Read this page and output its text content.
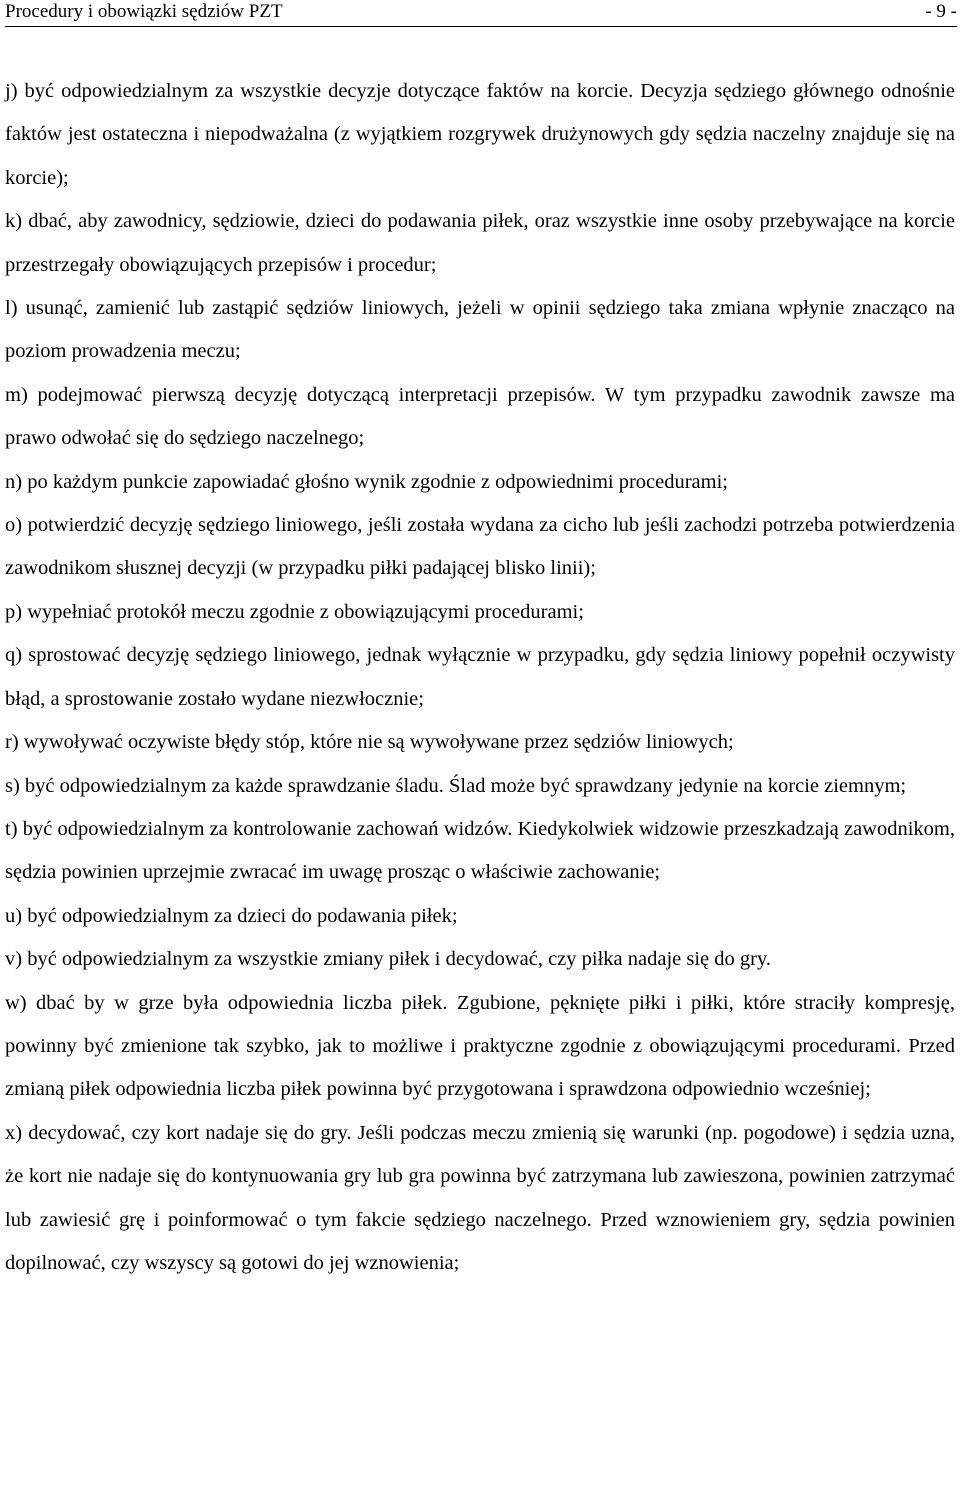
Procedury i obowiązki sędziów PZT	- 9 -

j) być odpowiedzialnym za wszystkie decyzje dotyczące faktów na korcie. Decyzja sędziego głównego odnośnie faktów jest ostateczna i niepodważalna (z wyjątkiem rozgrywek drużynowych gdy sędzia naczelny znajduje się na korcie);

k) dbać, aby zawodnicy, sędziowie, dzieci do podawania piłek, oraz wszystkie inne osoby przebywające na korcie przestrzegały obowiązujących przepisów i procedur;

l) usunąć, zamienić lub zastąpić sędziów liniowych, jeżeli w opinii sędziego taka zmiana wpłynie znacząco na poziom prowadzenia meczu;

m) podejmować pierwszą decyzję dotyczącą interpretacji przepisów. W tym przypadku zawodnik zawsze ma prawo odwołać się do sędziego naczelnego;

n) po każdym punkcie zapowiadać głośno wynik zgodnie z odpowiednimi procedurami;

o) potwierdzić decyzję sędziego liniowego, jeśli została wydana za cicho lub jeśli zachodzi potrzeba potwierdzenia zawodnikom słusznej decyzji (w przypadku piłki padającej blisko linii);

p) wypełniać protokół meczu zgodnie z obowiązującymi procedurami;

q) sprostować decyzję sędziego liniowego, jednak wyłącznie w przypadku, gdy sędzia liniowy popełnił oczywisty błąd, a sprostowanie zostało wydane niezwłocznie;

r) wywoływać oczywiste błędy stóp, które nie są wywoływane przez sędziów liniowych;

s) być odpowiedzialnym za każde sprawdzanie śladu. Ślad może być sprawdzany jedynie na korcie ziemnym;

t) być odpowiedzialnym za kontrolowanie zachowań widzów. Kiedykolwiek widzowie przeszkadzają zawodnikom, sędzia powinien uprzejmie zwracać im uwagę prosząc o właściwie zachowanie;

u) być odpowiedzialnym za dzieci do podawania piłek;

v) być odpowiedzialnym za wszystkie zmiany piłek i decydować, czy piłka nadaje się do gry.

w) dbać by w grze była odpowiednia liczba piłek. Zgubione, pęknięte piłki i piłki, które straciły kompresję, powinny być zmienione tak szybko, jak to możliwe i praktyczne zgodnie z obowiązującymi procedurami. Przed zmianą piłek odpowiednia liczba piłek powinna być przygotowana i sprawdzona odpowiednio wcześniej;

x) decydować, czy kort nadaje się do gry. Jeśli podczas meczu zmienią się warunki (np. pogodowe) i sędzia uzna, że kort nie nadaje się do kontynuowania gry lub gra powinna być zatrzymana lub zawieszona, powinien zatrzymać lub zawiesić grę i poinformować o tym fakcie sędziego naczelnego. Przed wznowieniem gry, sędzia powinien dopilnować, czy wszyscy są gotowi do jej wznowienia;
